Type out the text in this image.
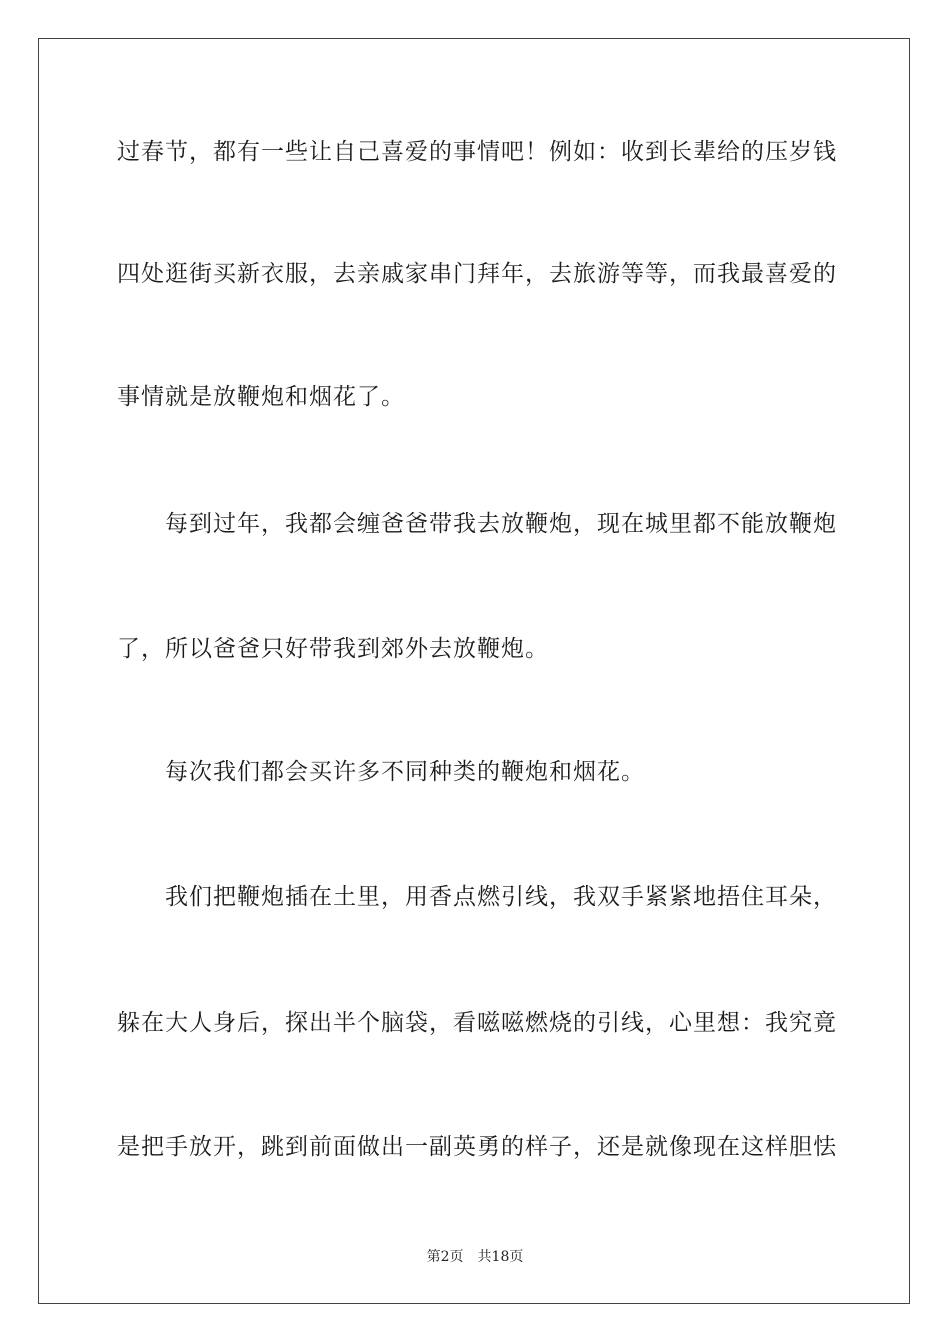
过春节，都有一些让自己喜爱的事情吧！例如：收到长辈给的压岁钱
四处逛街买新衣服，去亲戚家串门拜年，去旅游等等，而我最喜爱的
事情就是放鞭炮和烟花了。
每到过年，我都会缠爸爸带我去放鞭炮，现在城里都不能放鞭炮
了，所以爸爸只好带我到郊外去放鞭炮。
每次我们都会买许多不同种类的鞭炮和烟花。
我们把鞭炮插在土里，用香点燃引线，我双手紧紧地捂住耳朵，
躲在大人身后，探出半个脑袋，看嗞嗞燃烧的引线，心里想：我究竟
是把手放开，跳到前面做出一副英勇的样子，还是就像现在这样胆怯
第2页 共18页
